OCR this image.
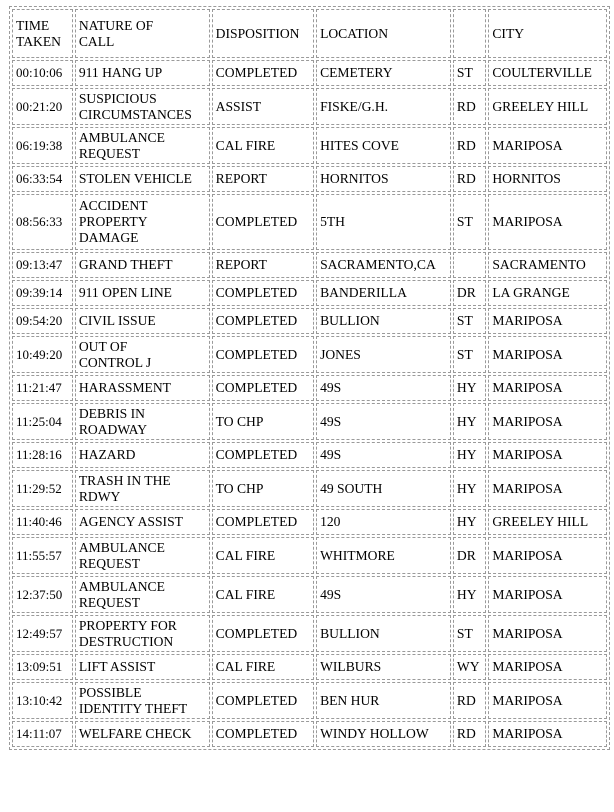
TIME
TAKEN	NATURE OF
CALL	DISPOSITION	LOCATION		CITY
00:10:06	911 HANG UP	COMPLETED	CEMETERY	ST	COULTERVILLE
00:21:20	SUSPICIOUS
CIRCUMSTANCES	ASSIST	FISKE/G.H.	RD	GREELEY HILL
06:19:38	AMBULANCE
REQUEST	CAL FIRE	HITES COVE	RD	MARIPOSA
06:33:54	STOLEN VEHICLE	REPORT	HORNITOS	RD	HORNITOS
08:56:33	ACCIDENT
PROPERTY
DAMAGE	COMPLETED	5TH	ST	MARIPOSA
09:13:47	GRAND THEFT	REPORT	SACRAMENTO,CA		SACRAMENTO
09:39:14	911 OPEN LINE	COMPLETED	BANDERILLA	DR	LA GRANGE
09:54:20	CIVIL ISSUE	COMPLETED	BULLION	ST	MARIPOSA
10:49:20	OUT OF
CONTROL J	COMPLETED	JONES	ST	MARIPOSA
11:21:47	HARASSMENT	COMPLETED	49S	HY	MARIPOSA
11:25:04	DEBRIS IN
ROADWAY	TO CHP	49S	HY	MARIPOSA
11:28:16	HAZARD	COMPLETED	49S	HY	MARIPOSA
11:29:52	TRASH IN THE
RDWY	TO CHP	49 SOUTH	HY	MARIPOSA
11:40:46	AGENCY ASSIST	COMPLETED	120	HY	GREELEY HILL
11:55:57	AMBULANCE
REQUEST	CAL FIRE	WHITMORE	DR	MARIPOSA
12:37:50	AMBULANCE
REQUEST	CAL FIRE	49S	HY	MARIPOSA
12:49:57	PROPERTY FOR
DESTRUCTION	COMPLETED	BULLION	ST	MARIPOSA
13:09:51	LIFT ASSIST	CAL FIRE	WILBURS	WY	MARIPOSA
13:10:42	POSSIBLE
IDENTITY THEFT	COMPLETED	BEN HUR	RD	MARIPOSA
14:11:07	WELFARE CHECK	COMPLETED	WINDY HOLLOW	RD	MARIPOSA
